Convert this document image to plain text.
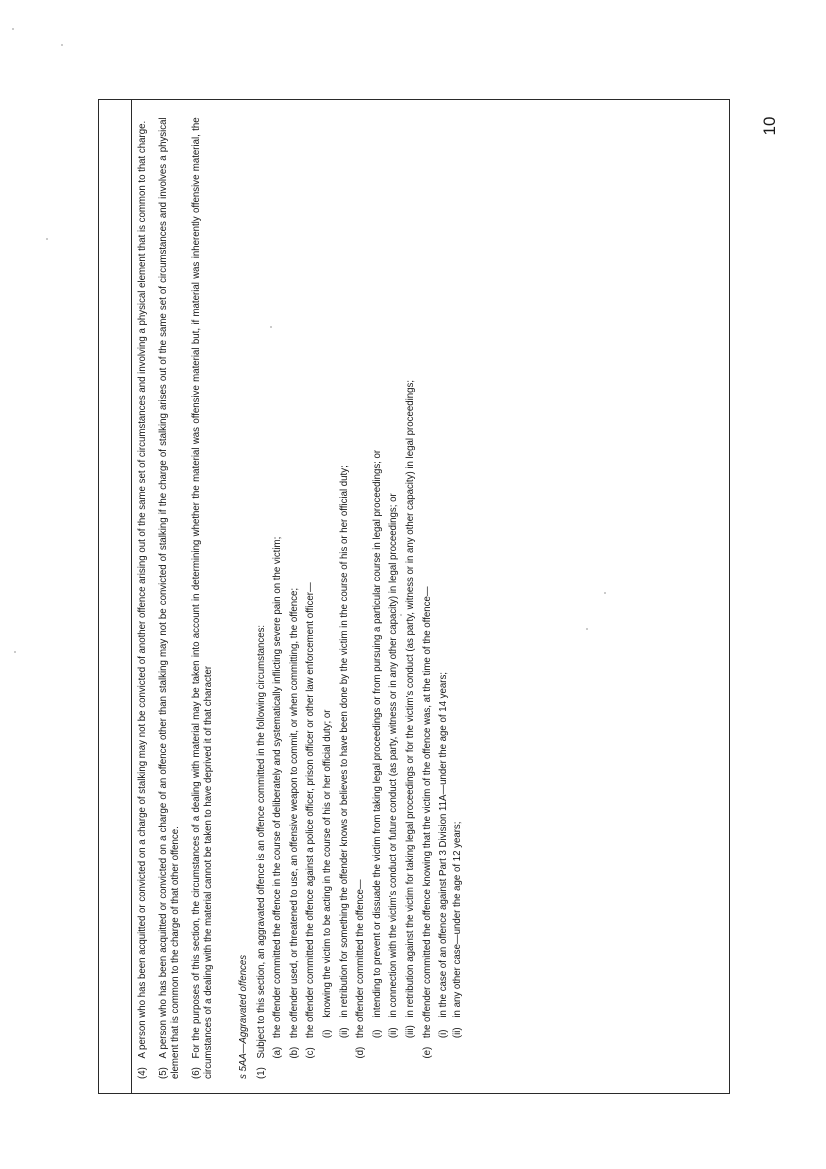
10

(4)A person who has been acquitted or convicted on a charge of stalking may not be convicted of another offence arising out of the same set of circumstances and involving a physical element that is common to that charge.

(5)A person who has been acquitted or convicted on a charge of an offence other than stalking may not be convicted of stalking if the charge of stalking arises out of the same set of circumstances and involves a physical element that is common to the charge of that other offence. (6)For the purposes of this section, the circumstances of a dealing with material may be taken into account in determining whether the material was offensive material but, if material was inherently offensive material, the circumstances of a dealing with the material cannot be taken to have deprived it of that character s 5AA—Aggravated offences (1)Subject to this section, an aggravated offence is an offence committed in the following circumstances: (a)
the offender committed the offence in the course of deliberately and systematically inflicting severe pain on the victim;
(b)
the offender used, or threatened to use, an offensive weapon to commit, or when committing, the offence;
(c)
the offender committed the offence against a police officer, prison officer or other law enforcement officer— (i)
knowing the victim to be acting in the course of his or her official duty; or
(ii)
in retribution for something the offender knows or believes to have been done by the victim in the course of his or her official duty;
(d)
the offender committed the offence— (i)
intending to prevent or dissuade the victim from taking legal proceedings or from pursuing a particular course in legal proceedings; or
(ii)
in connection with the victim's conduct or future conduct (as party, witness or in any other capacity) in legal proceedings; or
(iii)
in retribution against the victim for taking legal proceedings or for the victim's conduct (as party, witness or in any other capacity) in legal proceedings;
(e)
the offender committed the offence knowing that the victim of the offence was, at the time of the offence— (i)
in the case of an offence against Part 3 Division 11A—under the age of 14 years;
(ii)
in any other case—under the age of 12 years;
